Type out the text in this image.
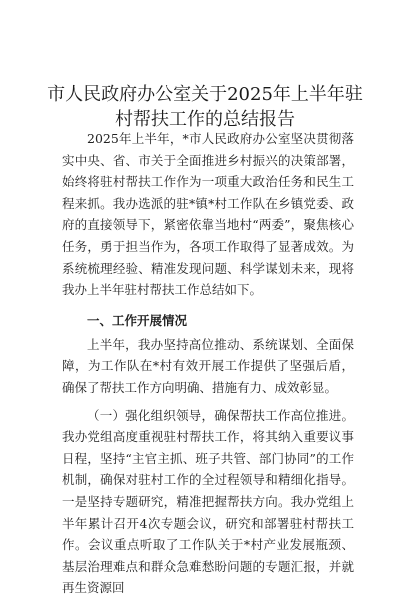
市人民政府办公室关于2025年上半年驻村帮扶工作的总结报告

2025年上半年，*市人民政府办公室坚决贯彻落实中央、省、市关于全面推进乡村振兴的决策部署，始终将驻村帮扶工作作为一项重大政治任务和民生工程来抓。我办选派的驻*镇*村工作队在乡镇党委、政府的直接领导下，紧密依靠当地村“两委”，聚焦核心任务，勇于担当作为，各项工作取得了显著成效。为系统梳理经验、精准发现问题、科学谋划未来，现将我办上半年驻村帮扶工作总结如下。

一、工作开展情况

上半年，我办坚持高位推动、系统谋划、全面保障，为工作队在*村有效开展工作提供了坚强后盾，确保了帮扶工作方向明确、措施有力、成效彰显。

（一）强化组织领导，确保帮扶工作高位推进。我办党组高度重视驻村帮扶工作，将其纳入重要议事日程，坚持“主官主抓、班子共管、部门协同”的工作机制，确保对驻村工作的全过程领导和精细化指导。一是坚持专题研究，精准把握帮扶方向。我办党组上半年累计召开4次专题会议，研究和部署驻村帮扶工作。会议重点听取了工作队关于*村产业发展瓶颈、基层治理难点和群众急难愁盼问题的专题汇报，并就再生资源回
